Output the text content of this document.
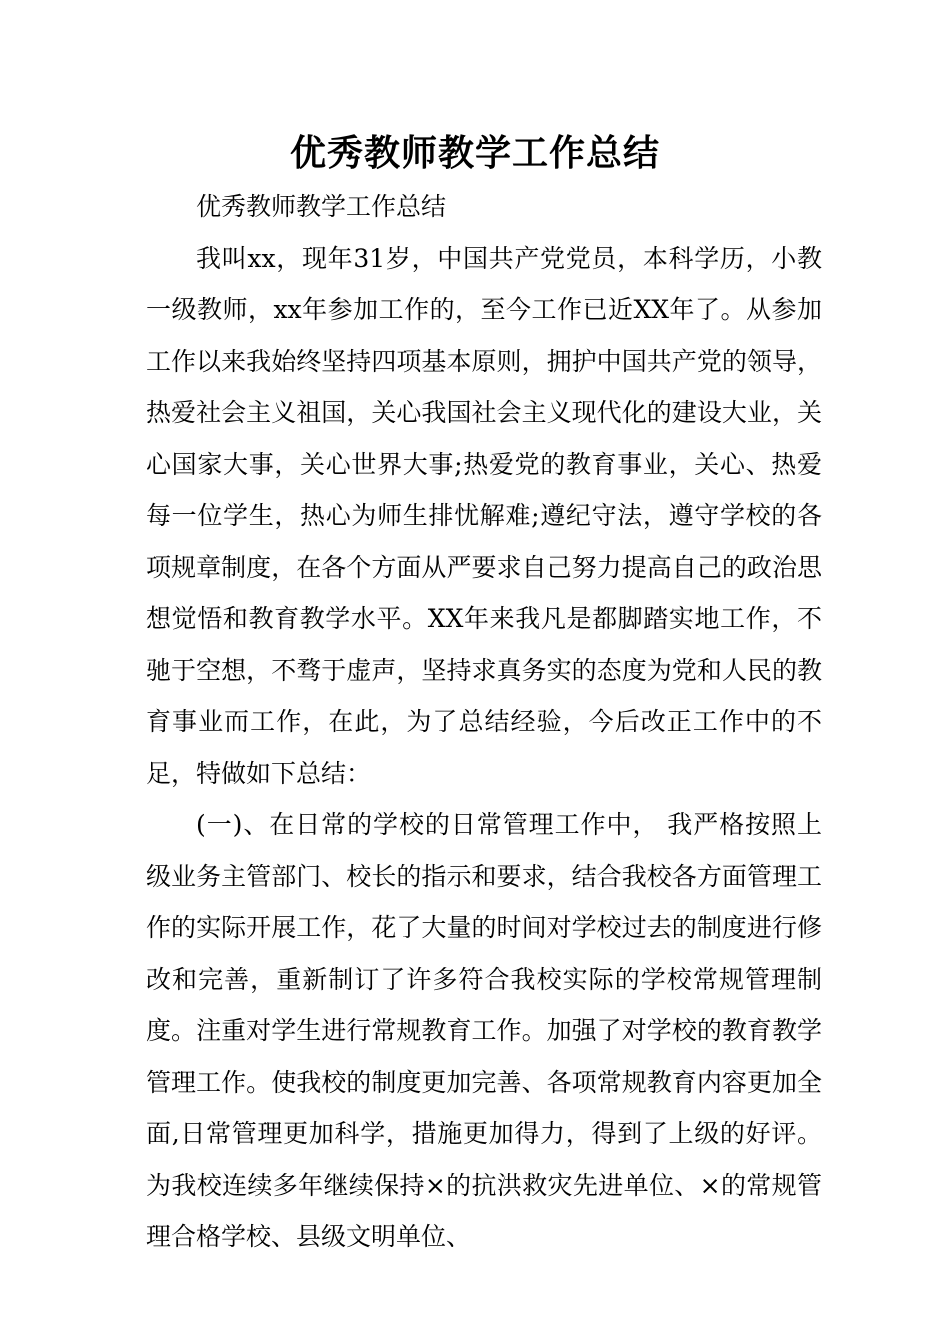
优秀教师教学工作总结

优秀教师教学工作总结

我叫xx，现年31岁，中国共产党党员，本科学历，小教一级教师，xx年参加工作的，至今工作已近XX年了。从参加工作以来我始终坚持四项基本原则，拥护中国共产党的领导，热爱社会主义祖国，关心我国社会主义现代化的建设大业，关心国家大事，关心世界大事;热爱党的教育事业，关心、热爱每一位学生，热心为师生排忧解难;遵纪守法，遵守学校的各项规章制度，在各个方面从严要求自己努力提高自己的政治思想觉悟和教育教学水平。XX年来我凡是都脚踏实地工作，不驰于空想，不骛于虚声，坚持求真务实的态度为党和人民的教育事业而工作，在此，为了总结经验，今后改正工作中的不足，特做如下总结：

(一)、在日常的学校的日常管理工作中， 我严格按照上级业务主管部门、校长的指示和要求，结合我校各方面管理工作的实际开展工作，花了大量的时间对学校过去的制度进行修改和完善，重新制订了许多符合我校实际的学校常规管理制度。注重对学生进行常规教育工作。加强了对学校的教育教学管理工作。使我校的制度更加完善、各项常规教育内容更加全面,日常管理更加科学，措施更加得力，得到了上级的好评。为我校连续多年继续保持×的抗洪救灾先进单位、×的常规管理合格学校、县级文明单位、
